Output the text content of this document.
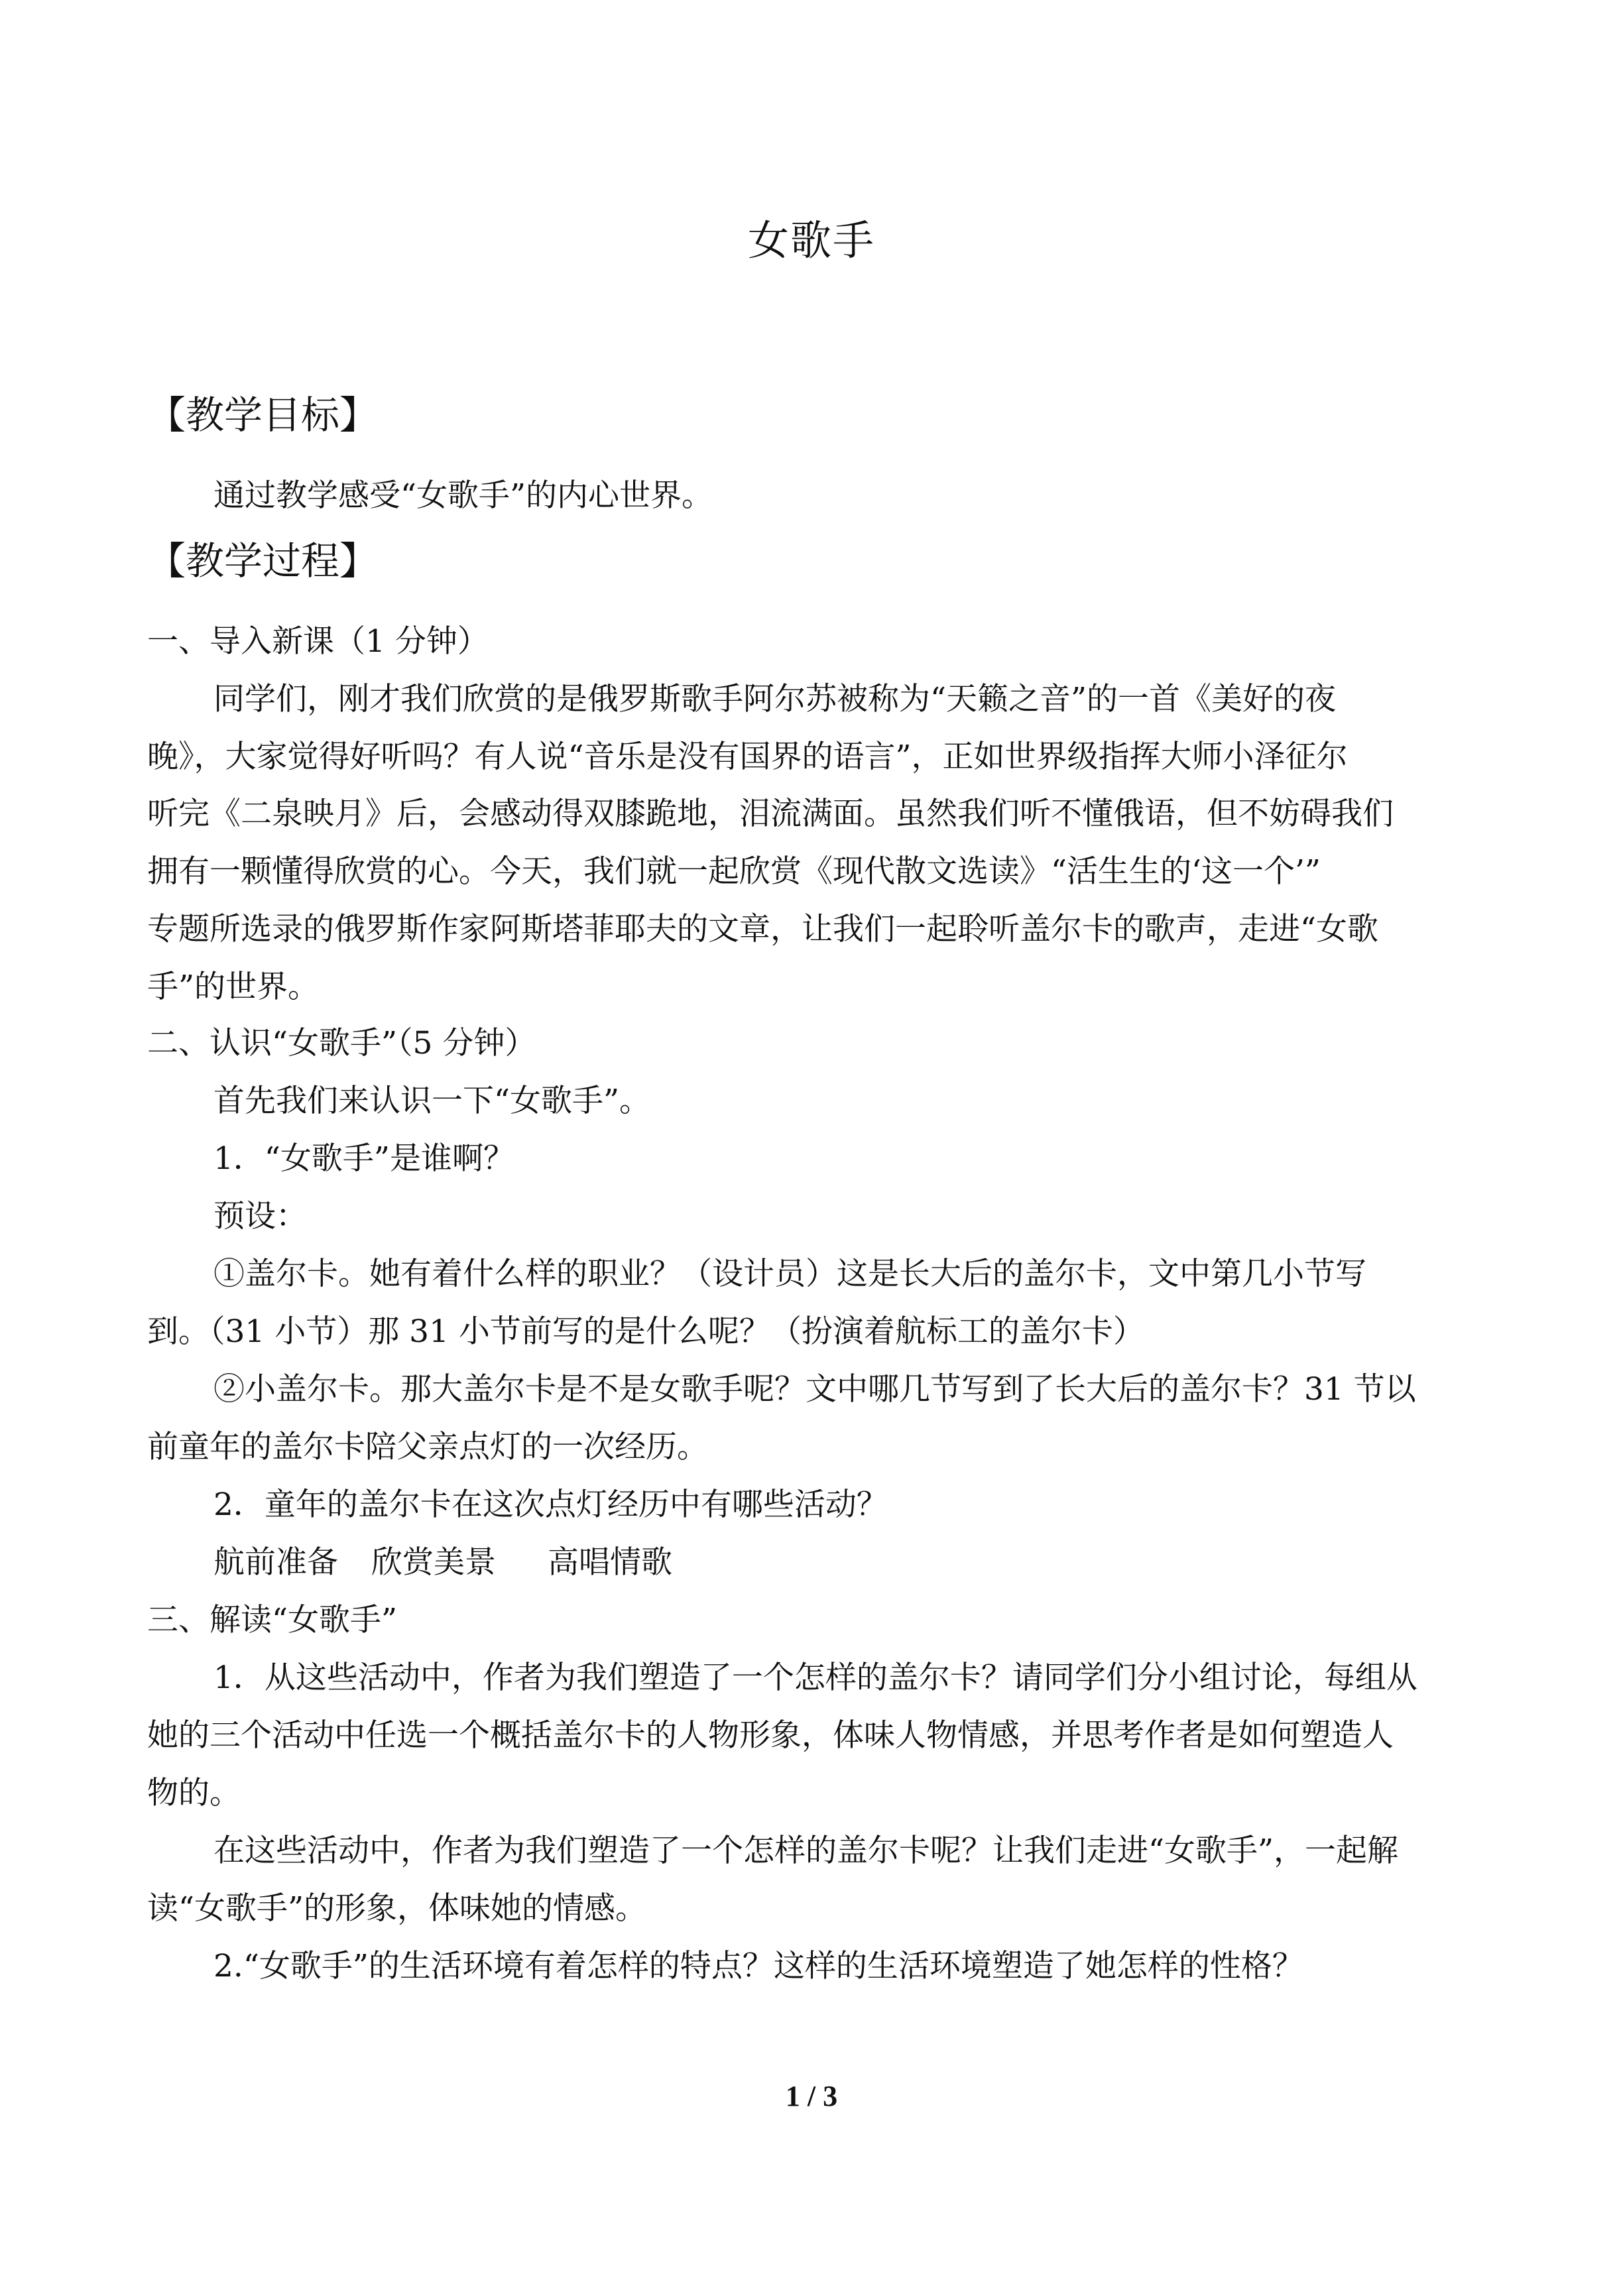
女歌手
【教学目标】
通过教学感受“女歌手”的内心世界。
【教学过程】
一、导入新课（1 分钟）
同学们，刚才我们欣赏的是俄罗斯歌手阿尔苏被称为“天籁之音”的一首《美好的夜
晚》，大家觉得好听吗？有人说“音乐是没有国界的语言”，正如世界级指挥大师小泽征尔
听完《二泉映月》后，会感动得双膝跪地，泪流满面。虽然我们听不懂俄语，但不妨碍我们
拥有一颗懂得欣赏的心。今天，我们就一起欣赏《现代散文选读》“活生生的‘这一个’”
专题所选录的俄罗斯作家阿斯塔菲耶夫的文章，让我们一起聆听盖尔卡的歌声，走进“女歌
手”的世界。
二、认识“女歌手”（5 分钟）
首先我们来认识一下“女歌手”。
1．“女歌手”是谁啊？
预设：
①盖尔卡。她有着什么样的职业？（设计员）这是长大后的盖尔卡，文中第几小节写
到。（31 小节）那 31 小节前写的是什么呢？（扮演着航标工的盖尔卡）
②小盖尔卡。那大盖尔卡是不是女歌手呢？文中哪几节写到了长大后的盖尔卡？31 节以
前童年的盖尔卡陪父亲点灯的一次经历。
2．童年的盖尔卡在这次点灯经历中有哪些活动？
航前准备 欣赏美景 高唱情歌
三、解读“女歌手”
1．从这些活动中，作者为我们塑造了一个怎样的盖尔卡？请同学们分小组讨论，每组从
她的三个活动中任选一个概括盖尔卡的人物形象，体味人物情感，并思考作者是如何塑造人
物的。
在这些活动中，作者为我们塑造了一个怎样的盖尔卡呢？让我们走进“女歌手”，一起解
读“女歌手”的形象，体味她的情感。
2.“女歌手”的生活环境有着怎样的特点？这样的生活环境塑造了她怎样的性格？
1 / 3
